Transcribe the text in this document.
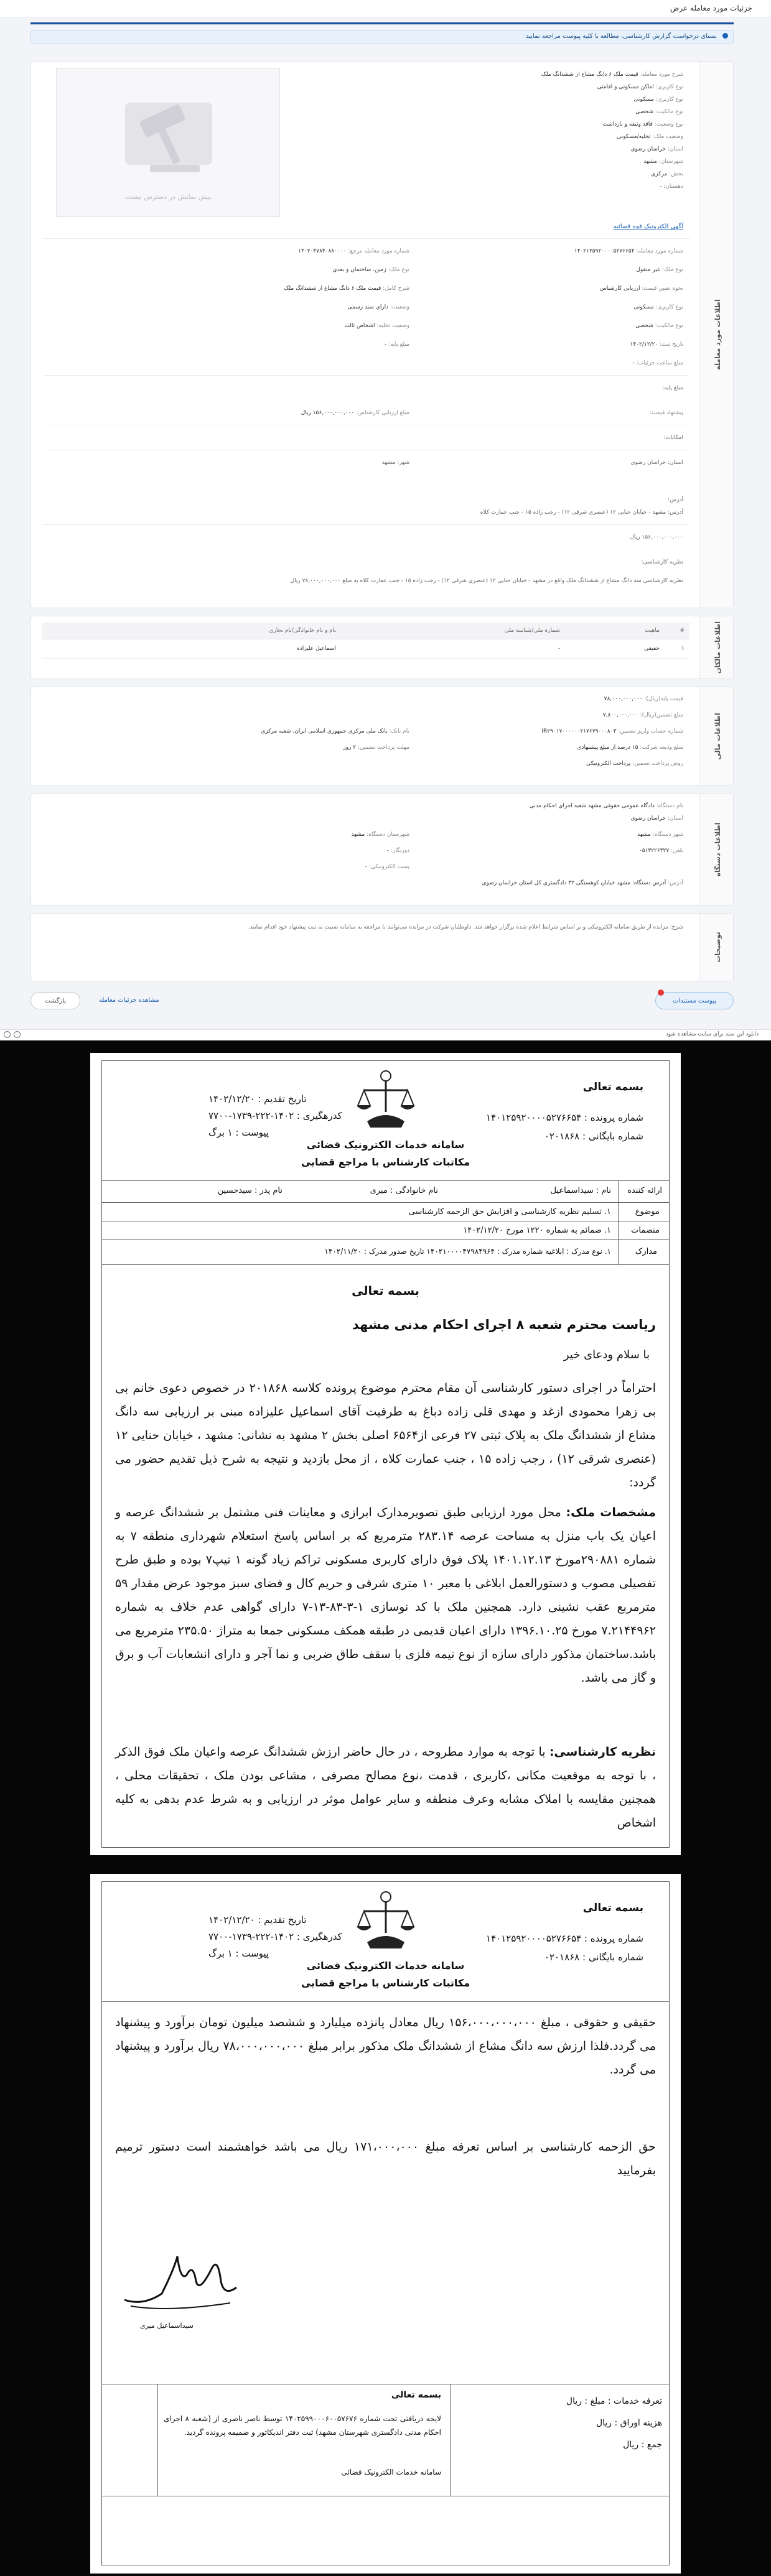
جزئیات مورد معامله عرض
بستای درخواست گزارش کارشناسی، مطالعه با کلیه پیوست مراجعه نمایید
اطلاعات مورد معامله
شرح مورد معامله: قیمت ملک ۶ دانگ مشاع از ششدانگ ملک
نوع کاربری: اماکن مسکونی و اقامتی
نوع کاربری: مسکونی
نوع مالکیت: شخصی
نوع وضعیت: فاقد وثیقه و بازداشت
وضعیت ملک: تخلیه/مسکونی
استان: خراسان رضوی
شهرستان: مشهد
بخش: مرکزی
دهستان: -
پیش نمایش در دسترس نیست
آگهی الکترونیک قوه قضائیه
شماره مورد معامله: ۱۴۰۲۱۲۵۹۲۰۰۰۰۵۲۷۶۶۵۴
شماره مورد معامله مرجع: ۱۴۰۲۰۴۷۸۴۰۸۸۰۰۰۰
نوع ملک: غیر منقول
نوع ملک: زمین، ساختمان و بعدی
نحوه تعیین قیمت: ارزیابی کارشناس
شرح کامل: قیمت ملک ۶ دانگ مشاع از ششدانگ ملک
نوع کاربری: مسکونی
وضعیت: دارای سند رسمی
نوع مالکیت: شخصی
وضعیت تخلیه: اشخاص ثالث
تاریخ ثبت: ۱۴۰۲/۱۲/۲۰
مبلغ پایه: -
مبلغ ساعت جزئیات: -
مبلغ پایه:
پیشنهاد قیمت:
مبلغ ارزیابی کارشناس: ۱۵۶,۰۰۰,۰۰۰,۰۰۰ ریال
امکانات:
استان: خراسان رضوی
شهر: مشهد
آدرس:
آدرس: مشهد - خیابان حنایی ۱۲ (عنصری شرقی ۱۲) - رجب زاده ۱۵ - جنب عمارت کلاه
۱۵۶,۰۰۰,۰۰۰,۰۰۰ ریال
نظریه کارشناسی:
نظریه کارشناسی سه دانگ مشاع از ششدانگ ملک واقع در مشهد - خیابان حنایی ۱۲ (عنصری شرقی ۱۲) - رجب زاده ۱۵ - جنب عمارت کلاه به مبلغ ۷۸,۰۰۰,۰۰۰,۰۰۰ ریال
اطلاعات مالکان
#	ماهیت	شماره ملی/شناسه ملی	نام و نام خانوادگی/نام تجاری
۱	حقیقی	-	اسماعیل علیزاده
اطلاعات مالی
قیمت پایه(ریال): ۷۸,۰۰۰,۰۰۰,۰۰۰
مبلغ تضمین(ریال): ۷,۸۰۰,۰۰۰,۰۰۰
شماره حساب واریز تضمین: IR۲۹۰۱۷۰۰۰۰۰۰۲۱۷۶۷۹۰۰۰۸۰۳
نام بانک: بانک ملی مرکزی جمهوری اسلامی ایران، شعبه مرکزی
مبلغ ودیعه شرکت: ۱۵ درصد از مبلغ پیشنهادی
مهلت پرداخت تضمین: ۲ روز
روش پرداخت تضمین: پرداخت الکترونیکی
اطلاعات دستگاه
نام دستگاه: دادگاه عمومی حقوقی مشهد شعبه اجرای احکام مدنی
استان: خراسان رضوی
شهر دستگاه: مشهد
شهرستان دستگاه: مشهد
تلفن: ۰۵۱۳۲۲۶۳۲۷
دورنگار: -
پست الکترونیکی: -
آدرس: آدرس دستگاه: مشهد خیابان کوهسنگی ۳۲ دادگستری کل استان خراسان رضوی
توضیحات
شرح: مزایده از طریق سامانه الکترونیکی و بر اساس شرایط اعلام شده برگزار خواهد شد. داوطلبان شرکت در مزایده می‌توانند با مراجعه به سامانه نسبت به ثبت پیشنهاد خود اقدام نمایند.
بازگشت	مشاهده جزئیات معامله	پیوست مستندات
دانلود این سند برای سایت مشاهده شود
بسمه تعالی
شماره پرونده : ۱۴۰۱۲۵۹۲۰۰۰۰۵۲۷۶۶۵۴
شماره بایگانی : ۰۲۰۱۸۶۸
سامانه خدمات الکترونیک قضائی
مکاتبات کارشناس با مراجع قضایی
تاریخ تقدیم : ۱۴۰۲/۱۲/۲۰
کدرهگیری : ۱۴۰۲-۲۲۲-۱۷۳۹-۷۷۰۰
پیوست : ۱ برگ
ارائه کننده
نام : سیداسماعیل
نام خانوادگی : میری
نام پدر : سیدحسین
موضوع
۱. تسلیم نظریه کارشناسی و افزایش حق الزحمه کارشناسی
منضمات
۱. ضمائم به شماره ۱۲۲۰ مورخ ۱۴۰۲/۱۲/۲۰
مدارک
۱. نوع مدرک : ابلاغیه شماره مدرک : ۱۴۰۲۱۰۰۰۰۴۷۹۸۴۹۶۴ تاریخ صدور مدرک : ۱۴۰۲/۱۱/۲۰
بسمه تعالی
ریاست محترم شعبه ۸ اجرای احکام مدنی مشهد
با سلام ودعای خیر
احتراماً در اجرای دستور کارشناسی آن مقام محترم موضوع پرونده کلاسه ۲۰۱۸۶۸ در خصوص دعوی خانم بی بی زهرا محمودی ازغد و مهدی قلی زاده دباغ به طرفیت آقای اسماعیل علیزاده مبنی بر ارزیابی سه دانگ مشاع از ششدانگ ملک به پلاک ثبتی ۲۷ فرعی از۶۵۶۴ اصلی بخش ۲ مشهد به نشانی: مشهد ، خیابان حنایی ۱۲ (عنصری شرقی ۱۲) ، رجب زاده ۱۵ ، جنب عمارت کلاه ، از محل بازدید و نتیجه به شرح ذیل تقدیم حضور می گردد:
مشخصات ملک: محل مورد ارزیابی طبق تصویرمدارک ابرازی و معاینات فنی مشتمل بر ششدانگ عرصه و اعیان یک باب منزل به مساحت عرصه ۲۸۳.۱۴ مترمربع که بر اساس پاسخ استعلام شهرداری منطقه ۷ به شماره ۲۹۰۸۸۱مورخ ۱۴۰۱.۱۲.۱۳ پلاک فوق دارای کاربری مسکونی تراکم زیاد گونه ۱ تیپ۷ بوده و طبق طرح تفصیلی مصوب و دستورالعمل ابلاغی با معبر ۱۰ متری شرقی و حریم کال و فضای سبز موجود عرض مقدار ۵۹ مترمربع عقب نشینی دارد. همچنین ملک با کد نوسازی ۱-۳-۸۳-۱۳-۷ دارای گواهی عدم خلاف به شماره ۷.۲۱۴۴۹۶۲ مورخ ۱۳۹۶.۱۰.۲۵ دارای اعیان قدیمی در طبقه همکف مسکونی جمعا به متراژ ۲۳۵.۵۰ مترمربع می باشد.ساختمان مذکور دارای سازه از نوع نیمه فلزی با سقف طاق ضربی و نما آجر و دارای انشعابات آب و برق و گاز می باشد.
نظریه کارشناسی: با توجه به موارد مطروحه ، در حال حاضر ارزش ششدانگ عرصه واعیان ملک فوق الذکر ، با توجه به موقعیت مکانی ،کاربری ، قدمت ،نوع مصالح مصرفی ، مشاعی بودن ملک ، تحقیقات محلی ، همچنین مقایسه با املاک مشابه وعرف منطقه و سایر عوامل موثر در ارزیابی و به شرط عدم بدهی به کلیه اشخاص
بسمه تعالی
شماره پرونده : ۱۴۰۱۲۵۹۲۰۰۰۰۵۲۷۶۶۵۴
شماره بایگانی : ۰۲۰۱۸۶۸
سامانه خدمات الکترونیک قضائی
مکاتبات کارشناس با مراجع قضایی
تاریخ تقدیم : ۱۴۰۲/۱۲/۲۰
کدرهگیری : ۱۴۰۲-۲۲۲-۱۷۳۹-۷۷۰۰
پیوست : ۱ برگ
حقیقی و حقوقی ، مبلغ ۱۵۶،۰۰۰،۰۰۰،۰۰۰ ریال معادل پانزده میلیارد و ششصد میلیون تومان برآورد و پیشنهاد می گردد.فلذا ارزش سه دانگ مشاع از ششدانگ ملک مذکور برابر مبلغ ۷۸،۰۰۰،۰۰۰،۰۰۰ ریال برآورد و پیشنهاد می گردد.
حق الزحمه کارشناسی بر اساس تعرفه مبلغ ۱۷۱،۰۰۰،۰۰۰ ریال می باشد خواهشمند است دستور ترمیم بفرمایید
سیداسماعیل میری
تعرفه خدمات : مبلغ : ریال
هزینه اوراق : ریال
جمع : ریال
بسمه تعالی
لایحه دریافتی تحت شماره ۱۴۰۲۵۹۹۰۰۰۶۰۰۵۷۶۷۶ توسط ناصر ناصری از (شعبه ۸ اجرای احکام مدنی دادگستری شهرستان مشهد) ثبت دفتر اندیکاتور و ضمیمه پرونده گردید.
سامانه خدمات الکترونیک قضائی
